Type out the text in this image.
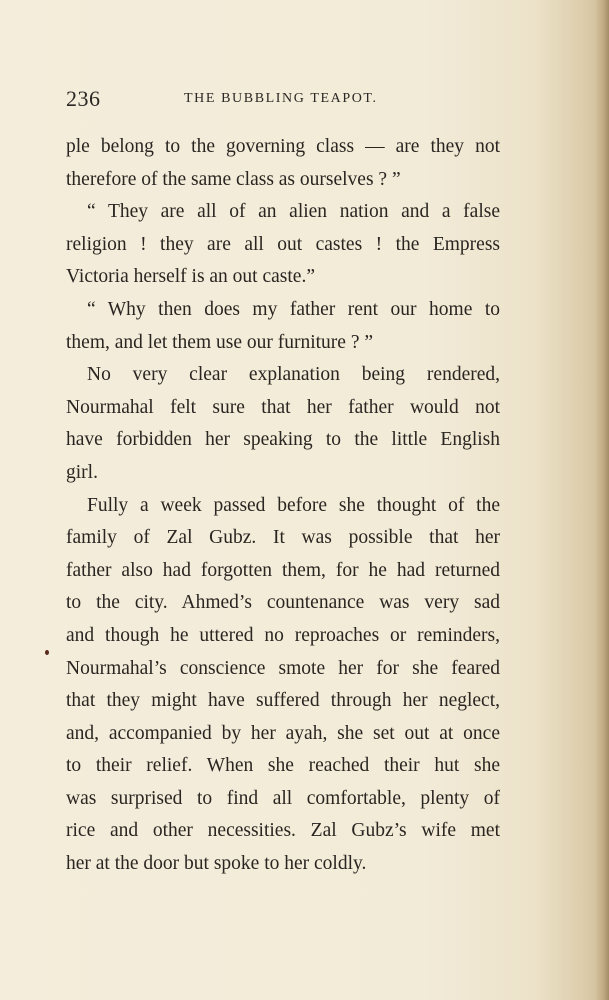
236	THE BUBBLING TEAPOT.
ple belong to the governing class — are they not
therefore of the same class as ourselves ? ”
“ They are all of an alien nation and a false
religion ! they are all out castes ! the Empress
Victoria herself is an out caste.”
“ Why then does my father rent our home to
them, and let them use our furniture ? ”
No very clear explanation being rendered,
Nourmahal felt sure that her father would not
have forbidden her speaking to the little English
girl.
Fully a week passed before she thought of the
family of Zal Gubz. It was possible that her
father also had forgotten them, for he had returned
to the city. Ahmed’s countenance was very sad
and though he uttered no reproaches or reminders,
Nourmahal’s conscience smote her for she feared
that they might have suffered through her neglect,
and, accompanied by her ayah, she set out at once
to their relief. When she reached their hut she
was surprised to find all comfortable, plenty of
rice and other necessities. Zal Gubz’s wife met
her at the door but spoke to her coldly.
